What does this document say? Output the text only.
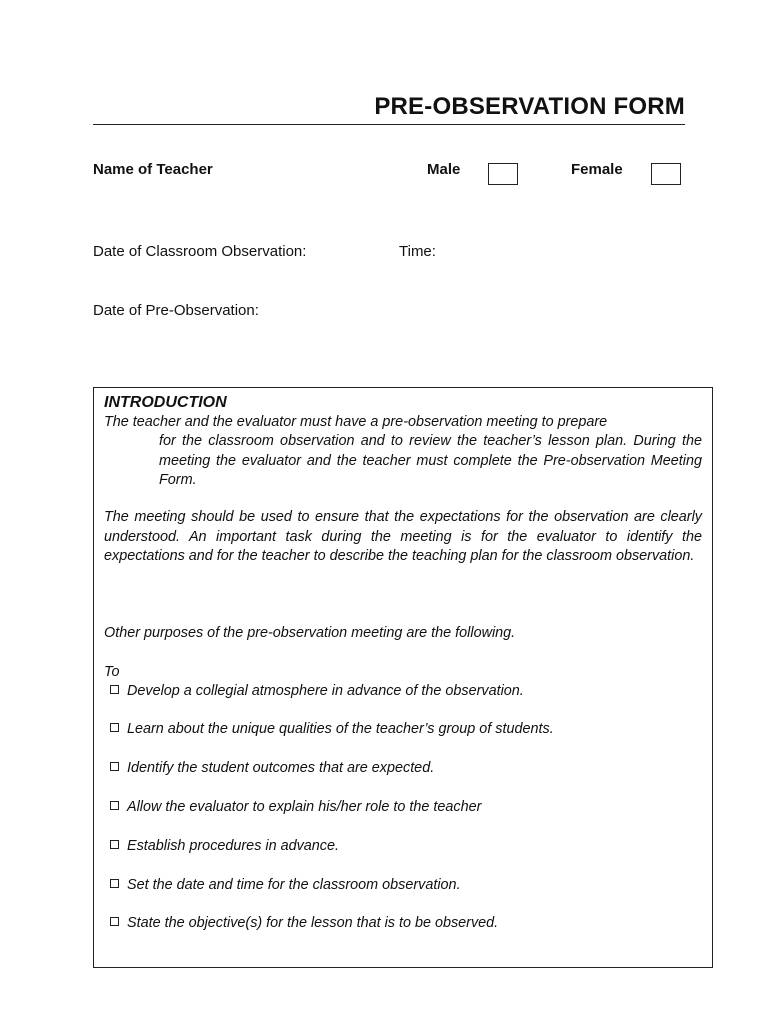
PRE-OBSERVATION FORM
Name of Teacher	Male	Female
Date of Classroom Observation:	Time:
Date of Pre-Observation:
INTRODUCTION
The teacher and the evaluator must have a pre-observation meeting to prepare
for the classroom observation and to review the teacher’s lesson plan. During the meeting the evaluator and the teacher must complete the Pre-observation Meeting Form.
The meeting should be used to ensure that the expectations for the observation are clearly understood. An important task during the meeting is for the evaluator to identify the expectations and for the teacher to describe the teaching plan for the classroom observation.
Other purposes of the pre-observation meeting are the following.
To
Develop a collegial atmosphere in advance of the observation.
Learn about the unique qualities of the teacher’s group of students.
Identify the student outcomes that are expected.
Allow the evaluator to explain his/her role to the teacher
Establish procedures in advance.
Set the date and time for the classroom observation.
State the objective(s) for the lesson that is to be observed.
